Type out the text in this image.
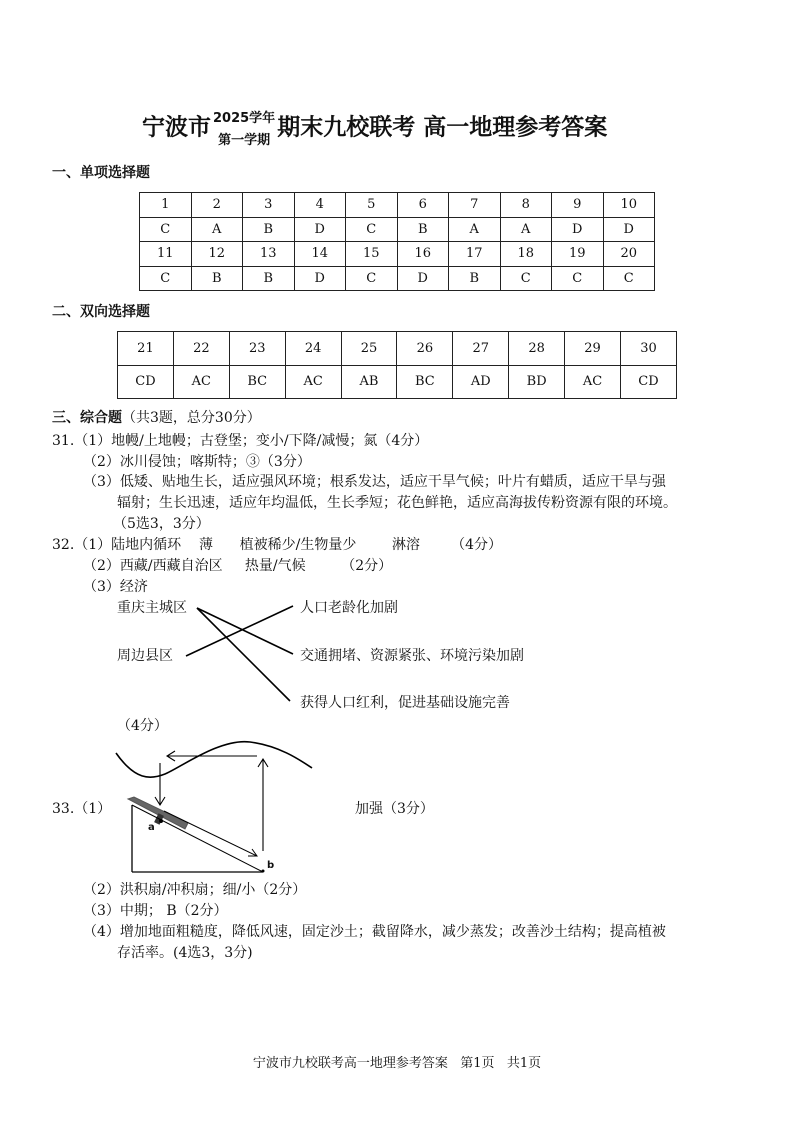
宁波市 2025学年
第一学期 期末九校联考 高一地理参考答案
一、单项选择题
1	2	3	4	5	6	7	8	9	10
C	A	B	D	C	B	A	A	D	D
11	12	13	14	15	16	17	18	19	20
C	B	B	D	C	D	B	C	C	C
二、双向选择题
21	22	23	24	25	26	27	28	29	30
CD	AC	BC	AC	AB	BC	AD	BD	AC	CD
三、综合题（共3题，总分30分）
31.（1）地幔/上地幔；古登堡；变小/下降/减慢；氮（4分）
（2）冰川侵蚀；喀斯特；③（3分）
（3）低矮、贴地生长，适应强风环境；根系发达，适应干旱气候；叶片有蜡质，适应干旱与强
辐射；生长迅速，适应年均温低，生长季短；花色鲜艳，适应高海拔传粉资源有限的环境。
（5选3，3分）
32.（1）陆地内循环    薄      植被稀少/生物量少        淋溶       （4分）
（2）西藏/西藏自治区     热量/气候        （2分）
（3）经济
重庆主城区
周边县区
人口老龄化加剧
交通拥堵、资源紧张、环境污染加剧
获得人口红利，促进基础设施完善
（4分）
a
b
33.（1）	加强（3分）
（2）洪积扇/冲积扇；细/小（2分）
（3）中期； B（2分）
（4）增加地面粗糙度，降低风速，固定沙土；截留降水，减少蒸发；改善沙土结构；提高植被
存活率。(4选3，3分)
宁波市九校联考高一地理参考答案   第1页   共1页
